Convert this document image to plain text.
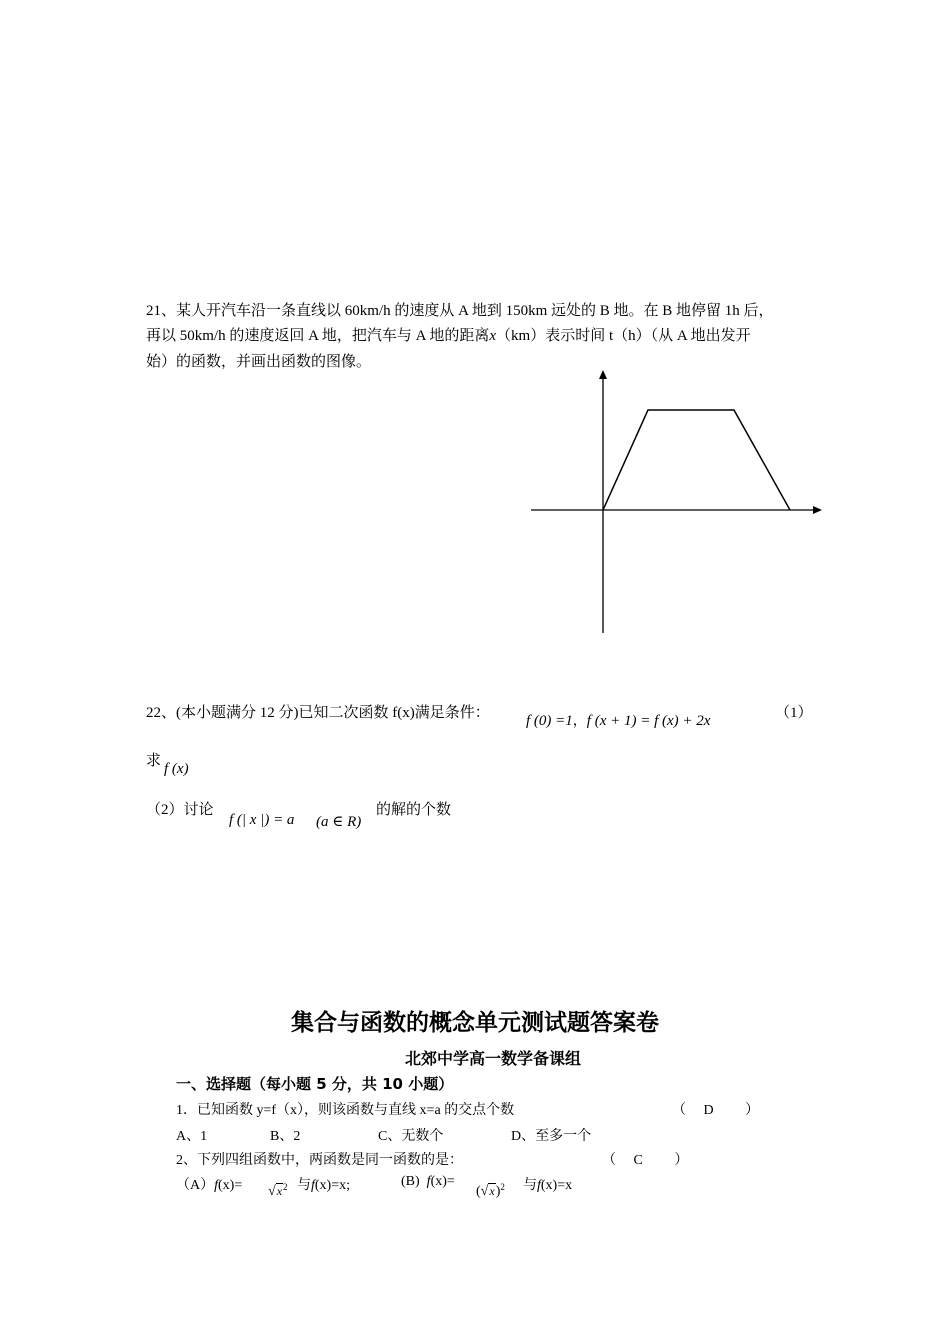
21、某人开汽车沿一条直线以 60km/h 的速度从 A 地到 150km 远处的 B 地。在 B 地停留 1h 后，
再以 50km/h 的速度返回 A 地，把汽车与 A 地的距离x（km）表示时间 t（h）（从 A 地出发开
始）的函数，并画出函数的图像。
22、(本小题满分 12 分)已知二次函数 f(x)满足条件： f (0) =1，f (x + 1) = f (x) + 2x	（1）
求 f (x)
（2）讨论
f (| x |) = a (a ∈ R)
的解的个数
集合与函数的概念单元测试题答案卷
北郊中学高一数学备课组
一、选择题（每小题 5 分，共 10 小题）
1．已知函数 y=f（x），则该函数与直线 x=a 的交点个数	（　 D　　 ）
A、1	B、2	C、无数个	D、至多一个
2、下列四组函数中，两函数是同一函数的是：	（　 C　　 ）
$(A)f(x)= √x^2$ 与f(x)=x;	(B) f(x)=
$(√x)^2$ 与f(x)=x
